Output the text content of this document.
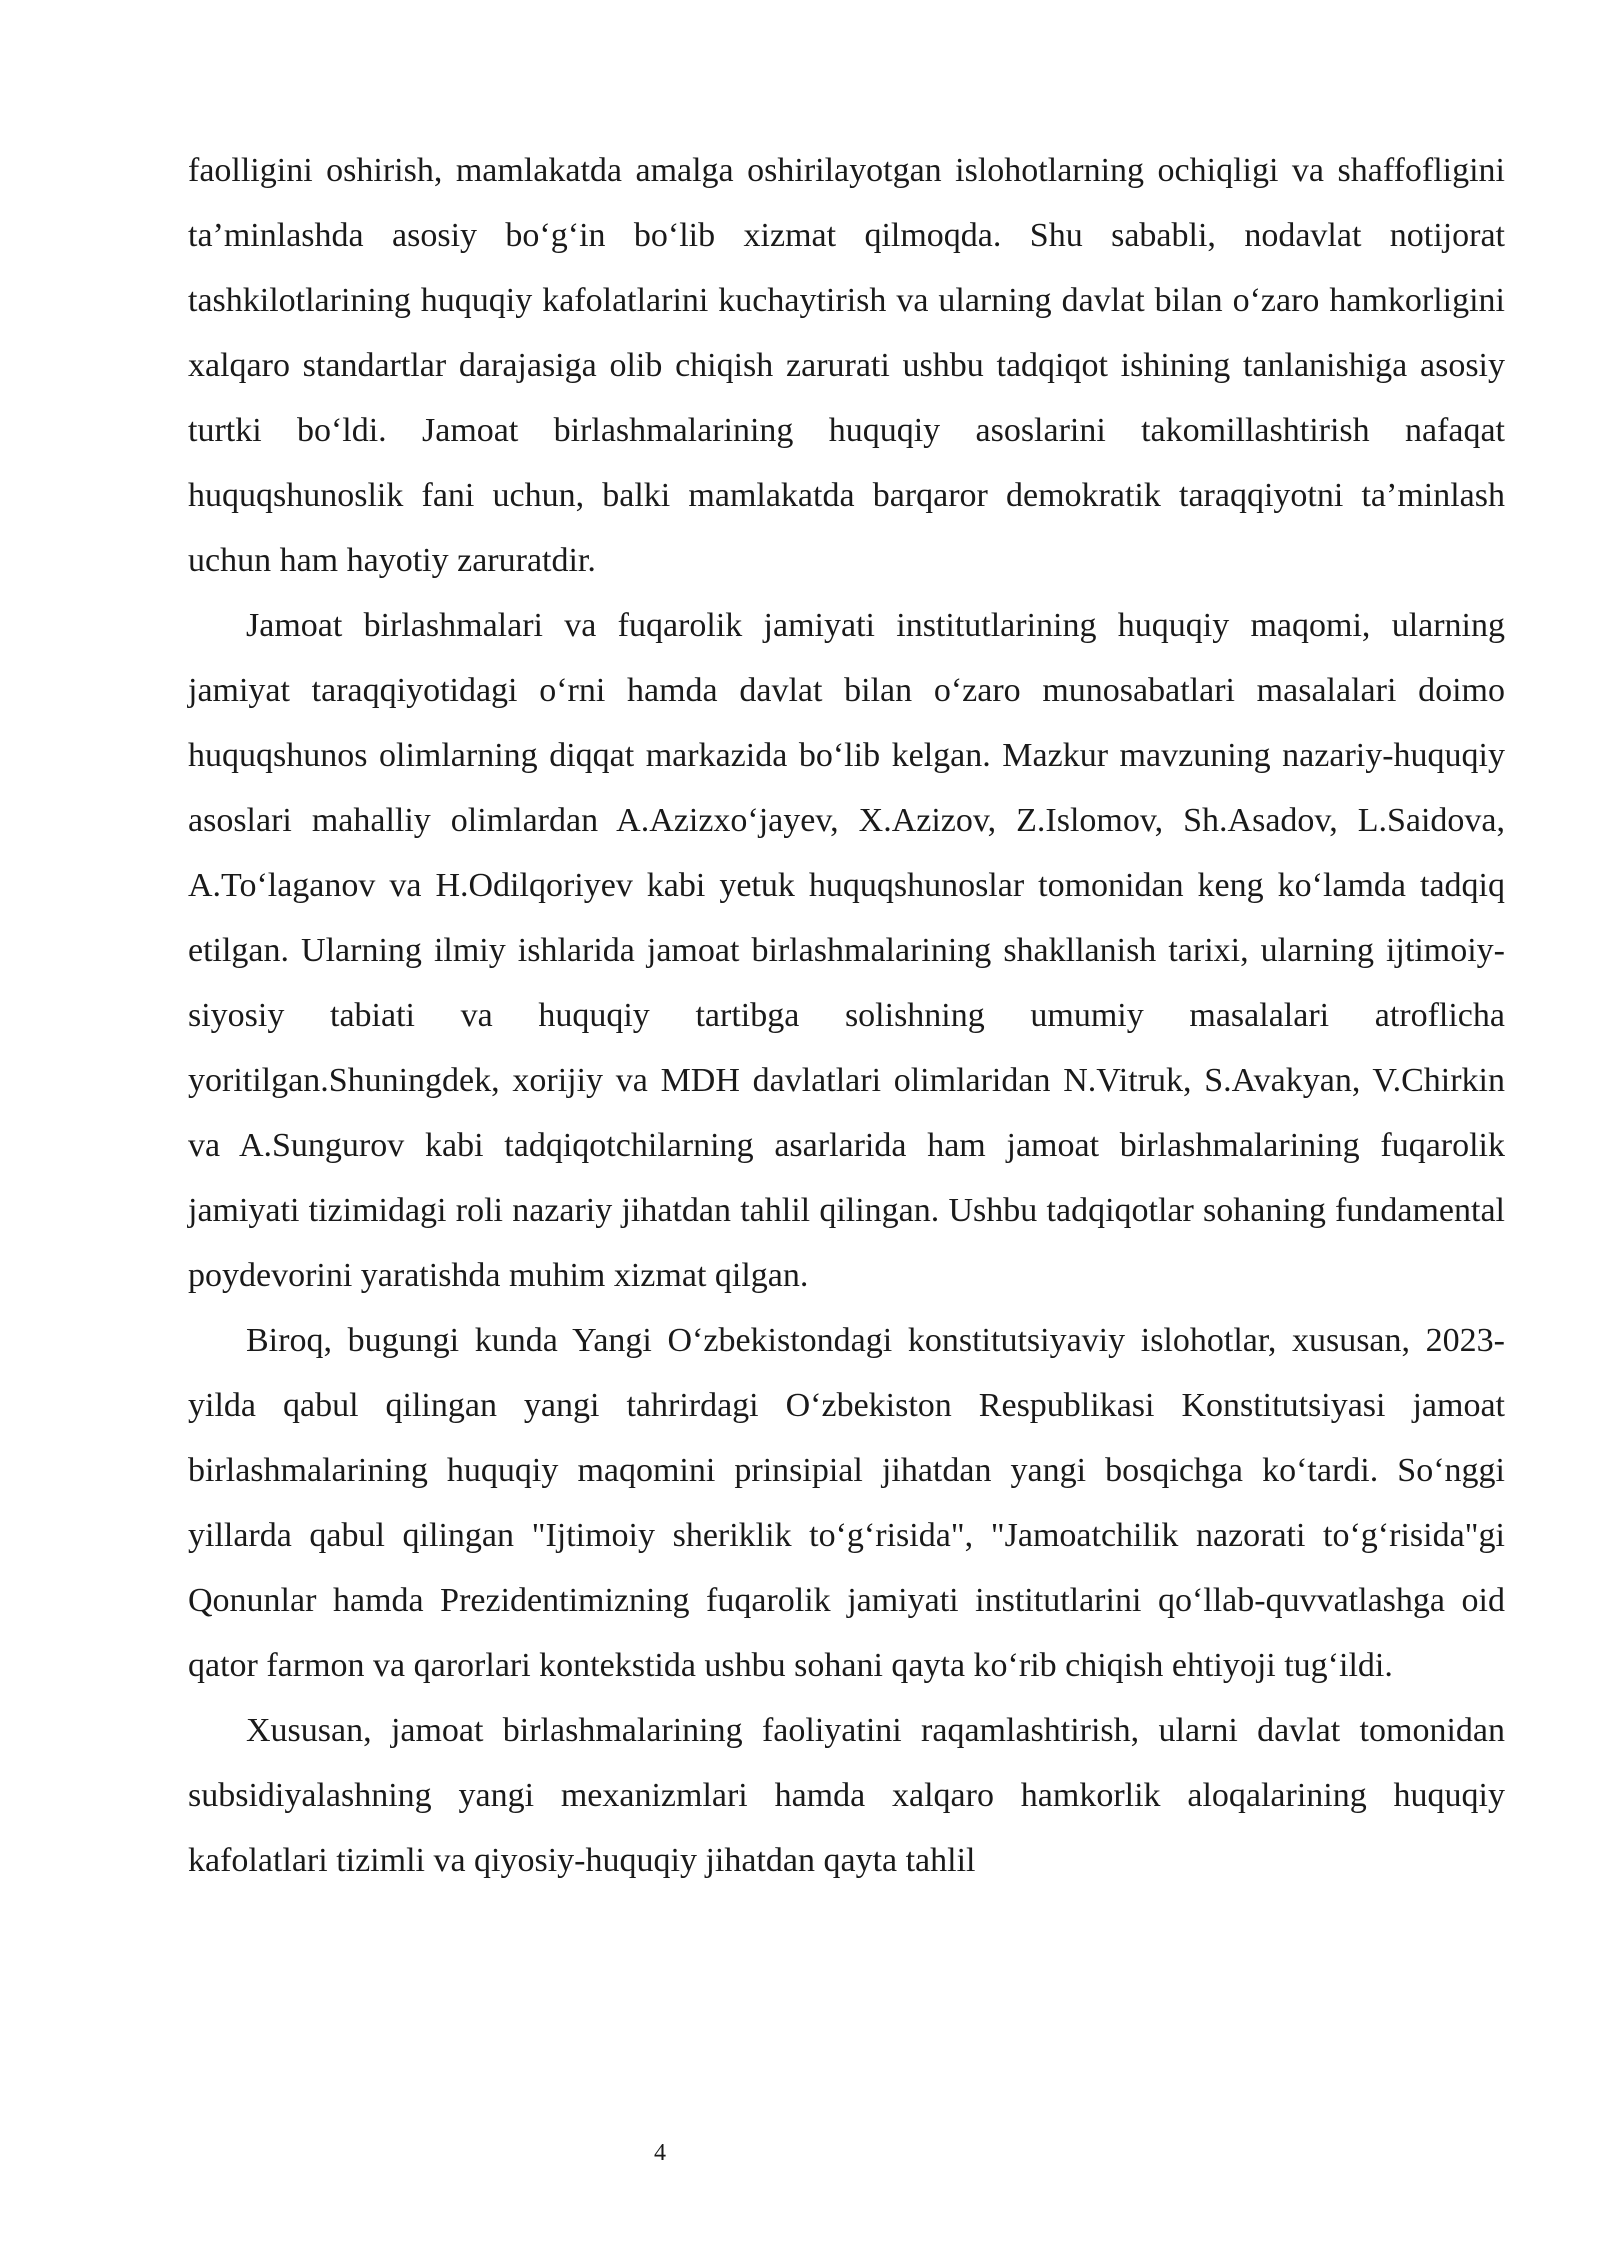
faolligini oshirish, mamlakatda amalga oshirilayotgan islohotlarning ochiqligi va shaffofligini ta’minlashda asosiy bo‘g‘in bo‘lib xizmat qilmoqda. Shu sababli, nodavlat notijorat tashkilotlarining huquqiy kafolatlarini kuchaytirish va ularning davlat bilan o‘zaro hamkorligini xalqaro standartlar darajasiga olib chiqish zarurati ushbu tadqiqot ishining tanlanishiga asosiy turtki bo‘ldi. Jamoat birlashmalarining huquqiy asoslarini takomillashtirish nafaqat huquqshunoslik fani uchun, balki mamlakatda barqaror demokratik taraqqiyotni ta’minlash uchun ham hayotiy zaruratdir.

Jamoat birlashmalari va fuqarolik jamiyati institutlarining huquqiy maqomi, ularning jamiyat taraqqiyotidagi o‘rni hamda davlat bilan o‘zaro munosabatlari masalalari doimo huquqshunos olimlarning diqqat markazida bo‘lib kelgan. Mazkur mavzuning nazariy-huquqiy asoslari mahalliy olimlardan A.Azizxo‘jayev, X.Azizov, Z.Islomov, Sh.Asadov, L.Saidova, A.To‘laganov va H.Odilqoriyev kabi yetuk huquqshunoslar tomonidan keng ko‘lamda tadqiq etilgan. Ularning ilmiy ishlarida jamoat birlashmalarining shakllanish tarixi, ularning ijtimoiy-siyosiy tabiati va huquqiy tartibga solishning umumiy masalalari atroflicha yoritilgan.Shuningdek, xorijiy va MDH davlatlari olimlaridan N.Vitruk, S.Avakyan, V.Chirkin va A.Sungurov kabi tadqiqotchilarning asarlarida ham jamoat birlashmalarining fuqarolik jamiyati tizimidagi roli nazariy jihatdan tahlil qilingan. Ushbu tadqiqotlar sohaning fundamental poydevorini yaratishda muhim xizmat qilgan.

Biroq, bugungi kunda Yangi O‘zbekistondagi konstitutsiyaviy islohotlar, xususan, 2023-yilda qabul qilingan yangi tahrirdagi O‘zbekiston Respublikasi Konstitutsiyasi jamoat birlashmalarining huquqiy maqomini prinsipial jihatdan yangi bosqichga ko‘tardi. So‘nggi yillarda qabul qilingan "Ijtimoiy sheriklik to‘g‘risida", "Jamoatchilik nazorati to‘g‘risida"gi Qonunlar hamda Prezidentimizning fuqarolik jamiyati institutlarini qo‘llab-quvvatlashga oid qator farmon va qarorlari kontekstida ushbu sohani qayta ko‘rib chiqish ehtiyoji tug‘ildi.

Xususan, jamoat birlashmalarining faoliyatini raqamlashtirish, ularni davlat tomonidan subsidiyalashning yangi mexanizmlari hamda xalqaro hamkorlik aloqalarining huquqiy kafolatlari tizimli va qiyosiy-huquqiy jihatdan qayta tahlil

4
